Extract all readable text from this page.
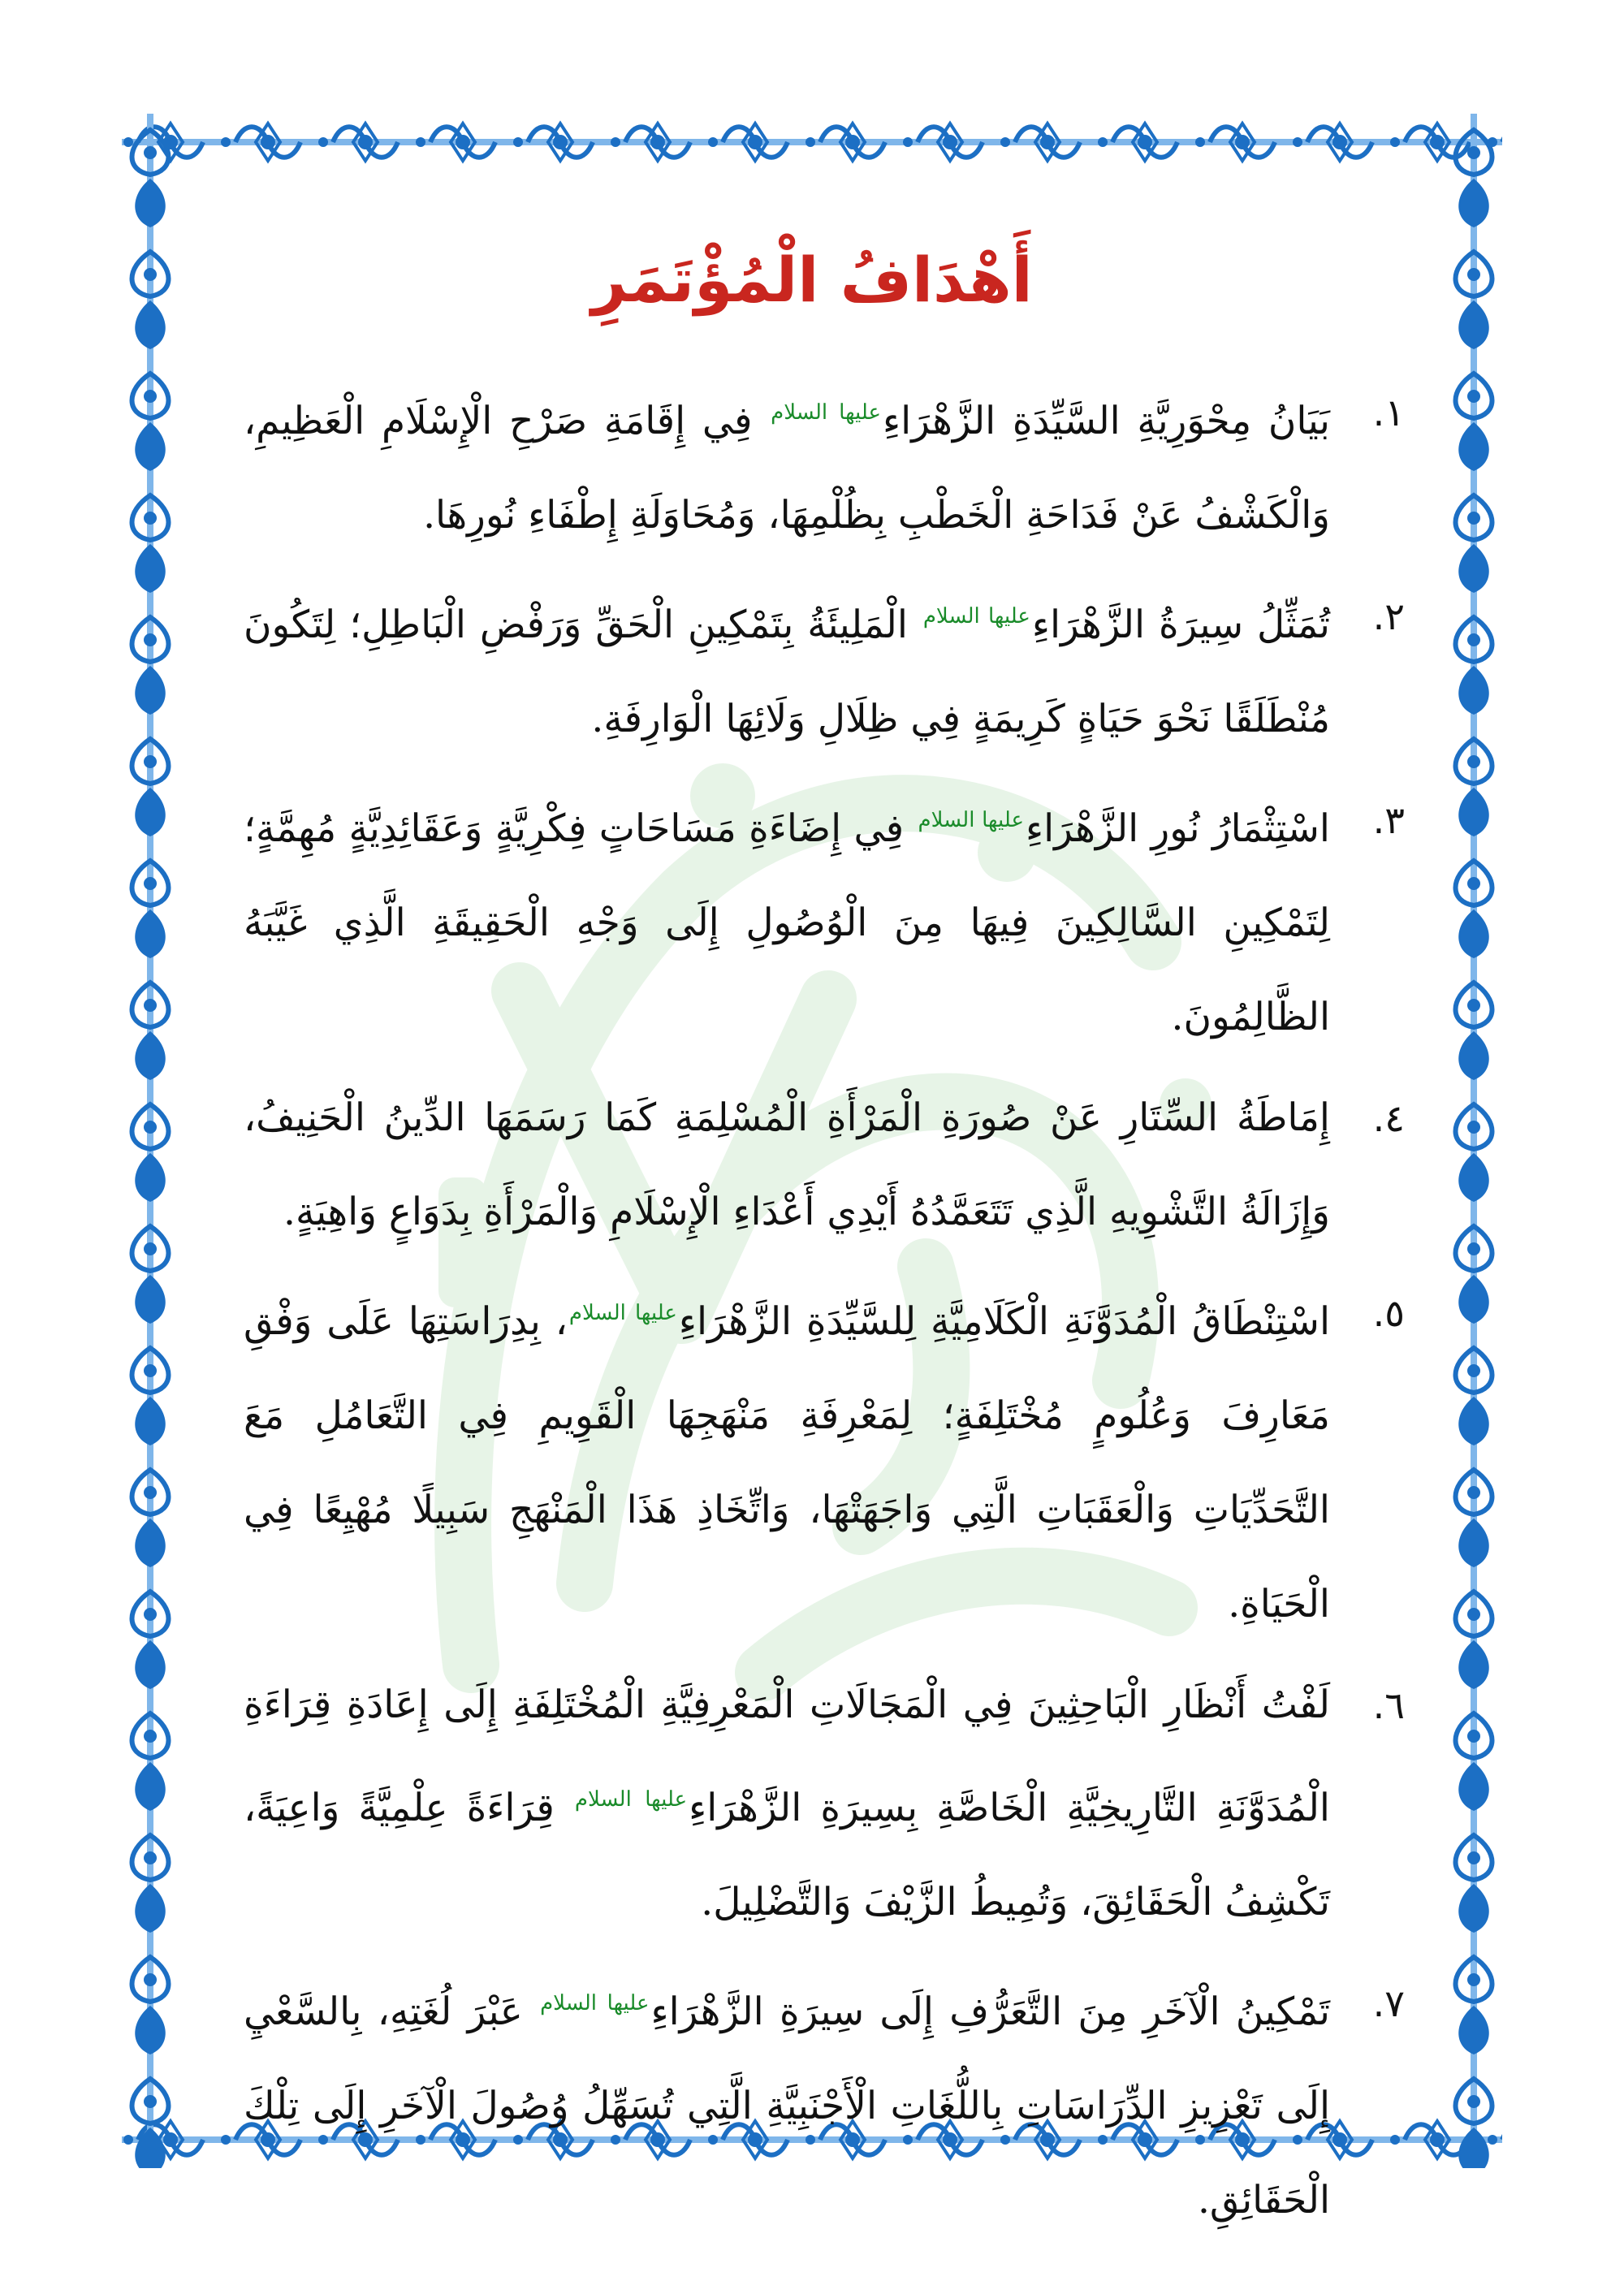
أَهْدَافُ الْمُؤْتَمَرِ
١.
بَيَانُ مِحْوَرِيَّةِ السَّيِّدَةِ الزَّهْرَاءِ$^{عليها السلام}$ فِي إِقَامَةِ صَرْحِ الْإِسْلَامِ الْعَظِيمِ، وَالْكَشْفُ عَنْ فَدَاحَةِ الْخَطْبِ بِظُلْمِهَا، وَمُحَاوَلَةِ إِطْفَاءِ نُورِهَا.
٢.
تُمَثِّلُ سِيرَةُ الزَّهْرَاءِ$^{عليها السلام}$ الْمَلِيئَةُ بِتَمْكِينِ الْحَقِّ وَرَفْضِ الْبَاطِلِ؛ لِتَكُونَ مُنْطَلَقًا نَحْوَ حَيَاةٍ كَرِيمَةٍ فِي ظِلَالِ وَلَائِهَا الْوَارِفَةِ.
٣.
اسْتِثْمَارُ نُورِ الزَّهْرَاءِ$^{عليها السلام}$ فِي إِضَاءَةِ مَسَاحَاتٍ فِكْرِيَّةٍ وَعَقَائِدِيَّةٍ مُهِمَّةٍ؛ لِتَمْكِينِ السَّالِكِينَ فِيهَا مِنَ الْوُصُولِ إِلَى وَجْهِ الْحَقِيقَةِ الَّذِي غَيَّبَهُ الظَّالِمُونَ.
٤.
إِمَاطَةُ السِّتَارِ عَنْ صُورَةِ الْمَرْأَةِ الْمُسْلِمَةِ كَمَا رَسَمَهَا الدِّينُ الْحَنِيفُ، وَإِزَالَةُ التَّشْوِيهِ الَّذِي تَتَعَمَّدُهُ أَيْدِي أَعْدَاءِ الْإِسْلَامِ وَالْمَرْأَةِ بِدَوَاعٍ وَاهِيَةٍ.
٥.
اسْتِنْطَاقُ الْمُدَوَّنَةِ الْكَلَامِيَّةِ لِلسَّيِّدَةِ الزَّهْرَاءِ$^{عليها السلام}$، بِدِرَاسَتِهَا عَلَى وَفْقِ مَعَارِفَ وَعُلُومٍ مُخْتَلِفَةٍ؛ لِمَعْرِفَةِ مَنْهَجِهَا الْقَوِيمِ فِي التَّعَامُلِ مَعَ التَّحَدِّيَاتِ وَالْعَقَبَاتِ الَّتِي وَاجَهَتْهَا، وَاتِّخَاذِ هَذَا الْمَنْهَجِ سَبِيلًا مُهْيِعًا فِي الْحَيَاةِ.
٦.
لَفْتُ أَنْظَارِ الْبَاحِثِينَ فِي الْمَجَالَاتِ الْمَعْرِفِيَّةِ الْمُخْتَلِفَةِ إِلَى إِعَادَةِ قِرَاءَةِ الْمُدَوَّنَةِ التَّارِيخِيَّةِ الْخَاصَّةِ بِسِيرَةِ الزَّهْرَاءِ$^{عليها السلام}$ قِرَاءَةً عِلْمِيَّةً وَاعِيَةً، تَكْشِفُ الْحَقَائِقَ، وَتُمِيطُ الزَّيْفَ وَالتَّضْلِيلَ.
٧.
تَمْكِينُ الْآخَرِ مِنَ التَّعَرُّفِ إِلَى سِيرَةِ الزَّهْرَاءِ$^{عليها السلام}$ عَبْرَ لُغَتِهِ، بِالسَّعْيِ إِلَى تَعْزِيزِ الدِّرَاسَاتِ بِاللُّغَاتِ الْأَجْنَبِيَّةِ الَّتِي تُسَهِّلُ وُصُولَ الْآخَرِ إِلَى تِلْكَ الْحَقَائِقِ.
